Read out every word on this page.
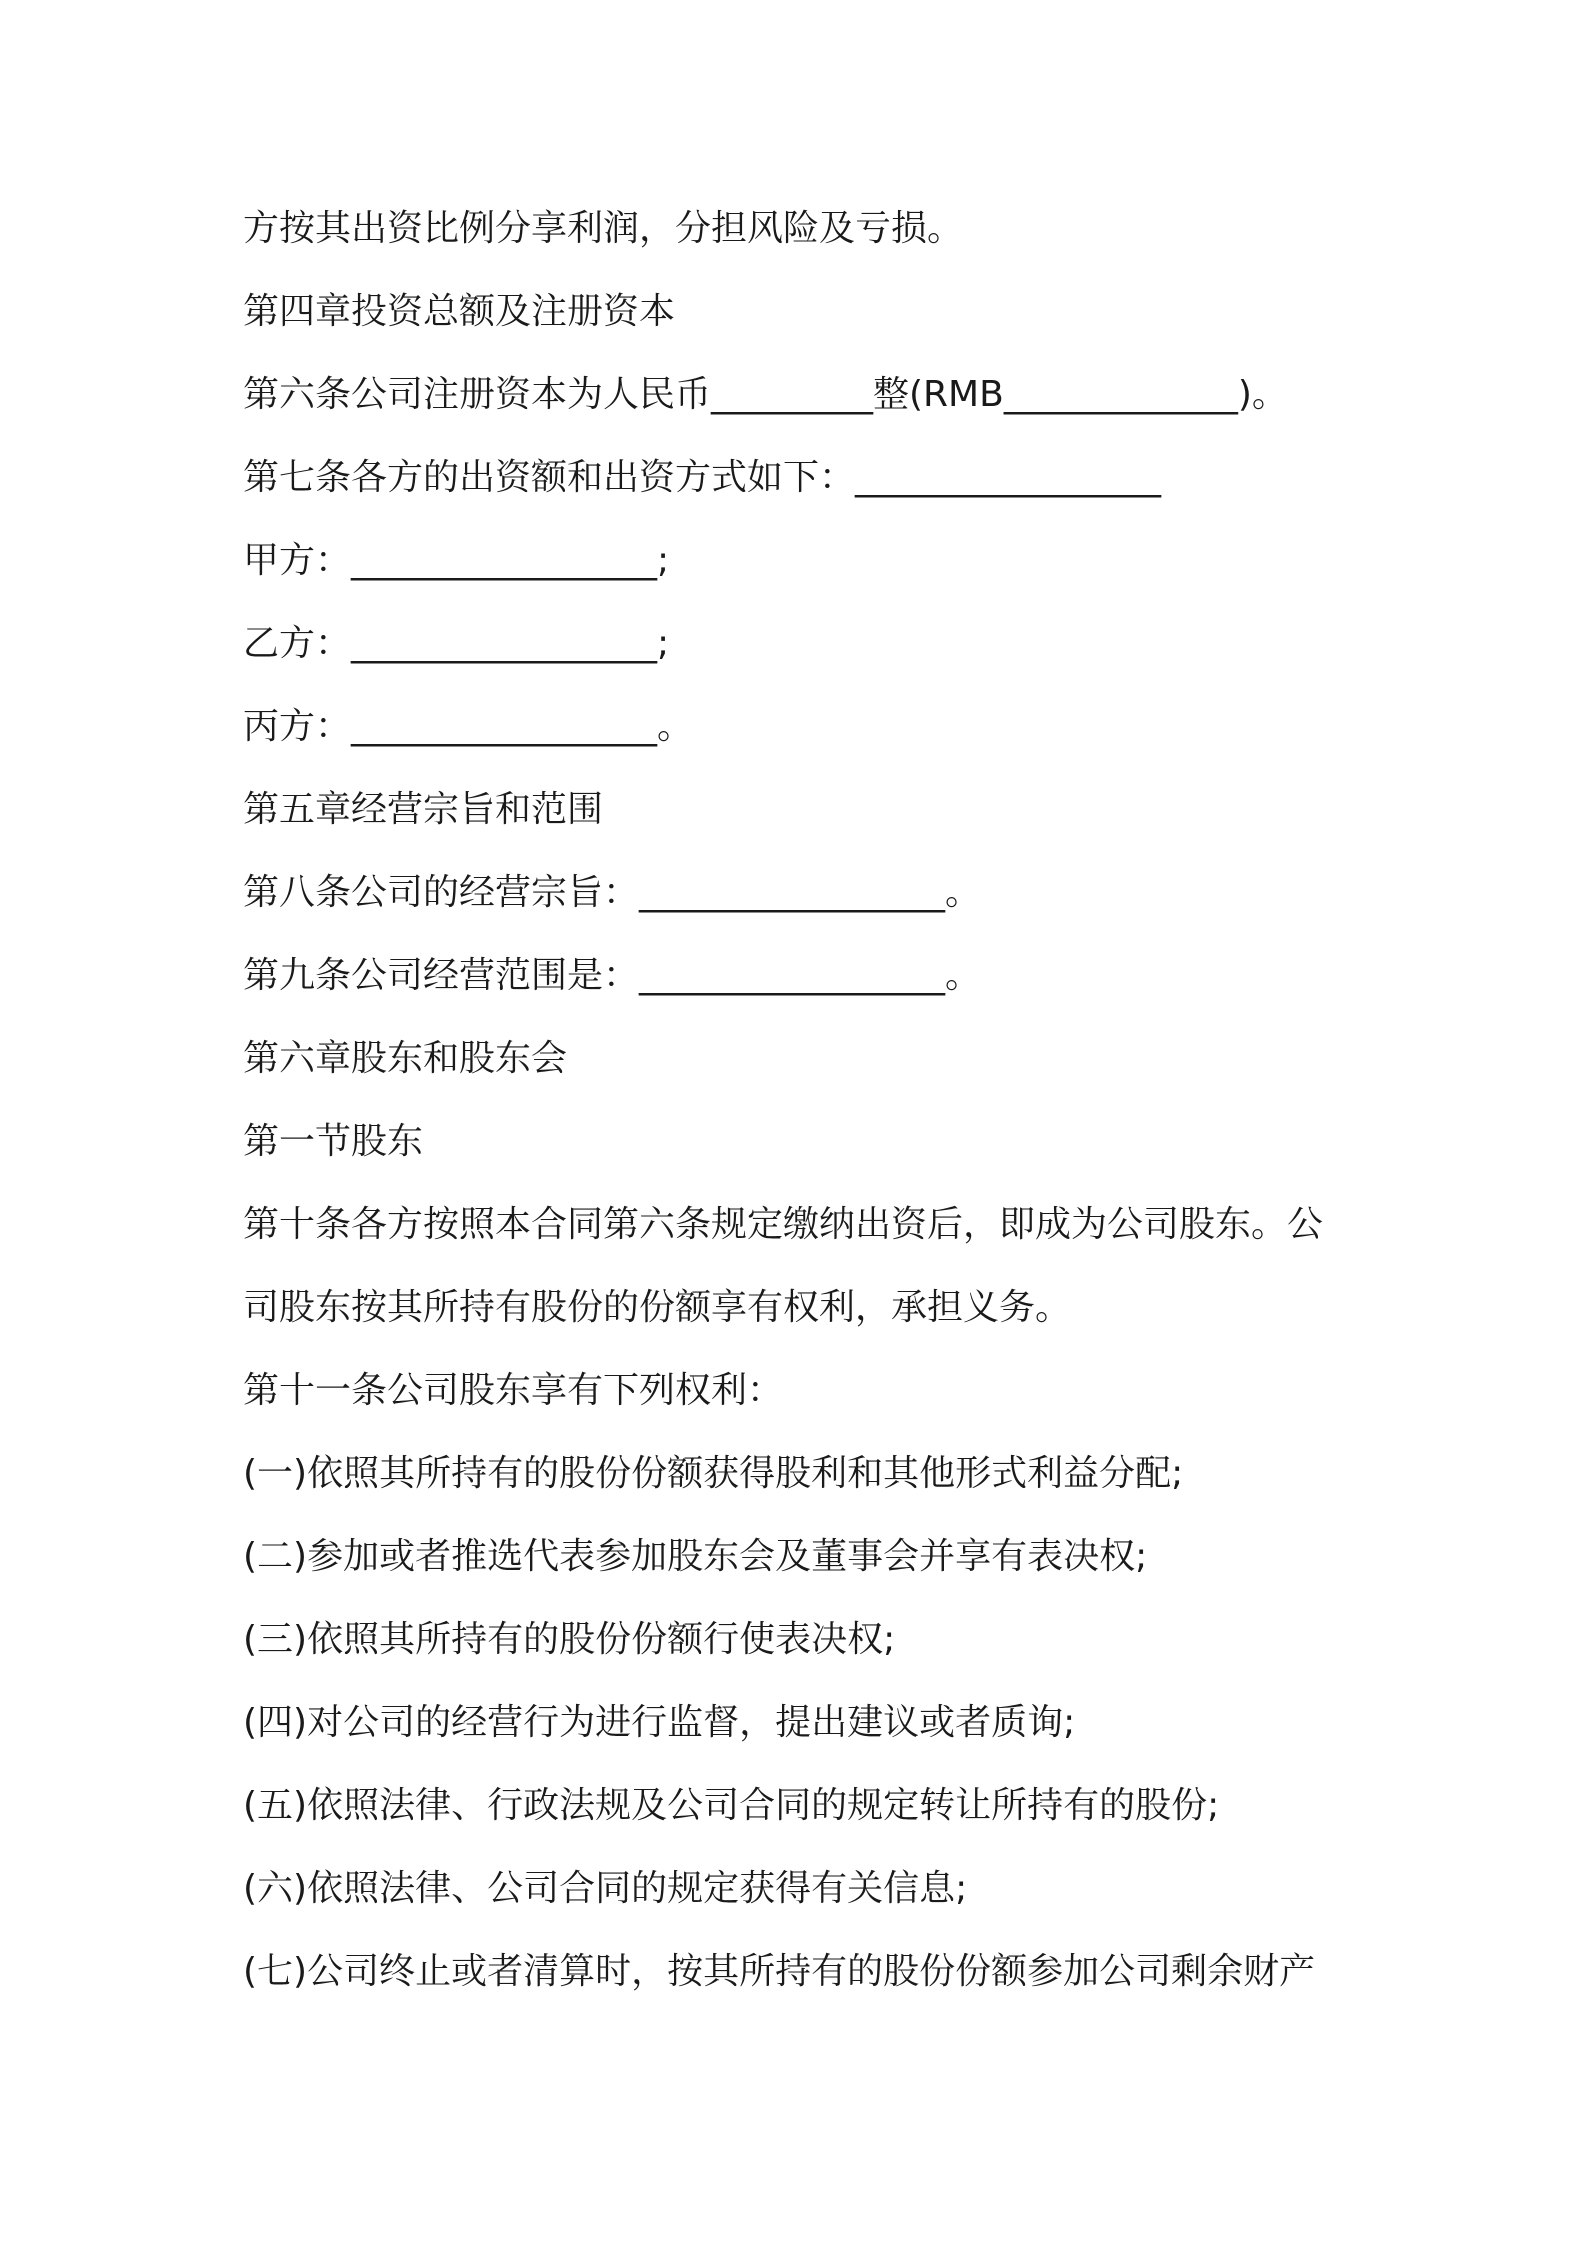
方按其出资比例分享利润，分担风险及亏损。

第四章投资总额及注册资本

第六条公司注册资本为人民币_________整(RMB_____________)。

第七条各方的出资额和出资方式如下：_________________

甲方：_________________;

乙方：_________________;

丙方：_________________。

第五章经营宗旨和范围

第八条公司的经营宗旨：_________________。

第九条公司经营范围是：_________________。

第六章股东和股东会

第一节股东

第十条各方按照本合同第六条规定缴纳出资后，即成为公司股东。公

司股东按其所持有股份的份额享有权利，承担义务。

第十一条公司股东享有下列权利：

(一)依照其所持有的股份份额获得股利和其他形式利益分配;

(二)参加或者推选代表参加股东会及董事会并享有表决权;

(三)依照其所持有的股份份额行使表决权;

(四)对公司的经营行为进行监督，提出建议或者质询;

(五)依照法律、行政法规及公司合同的规定转让所持有的股份;

(六)依照法律、公司合同的规定获得有关信息;

(七)公司终止或者清算时，按其所持有的股份份额参加公司剩余财产
